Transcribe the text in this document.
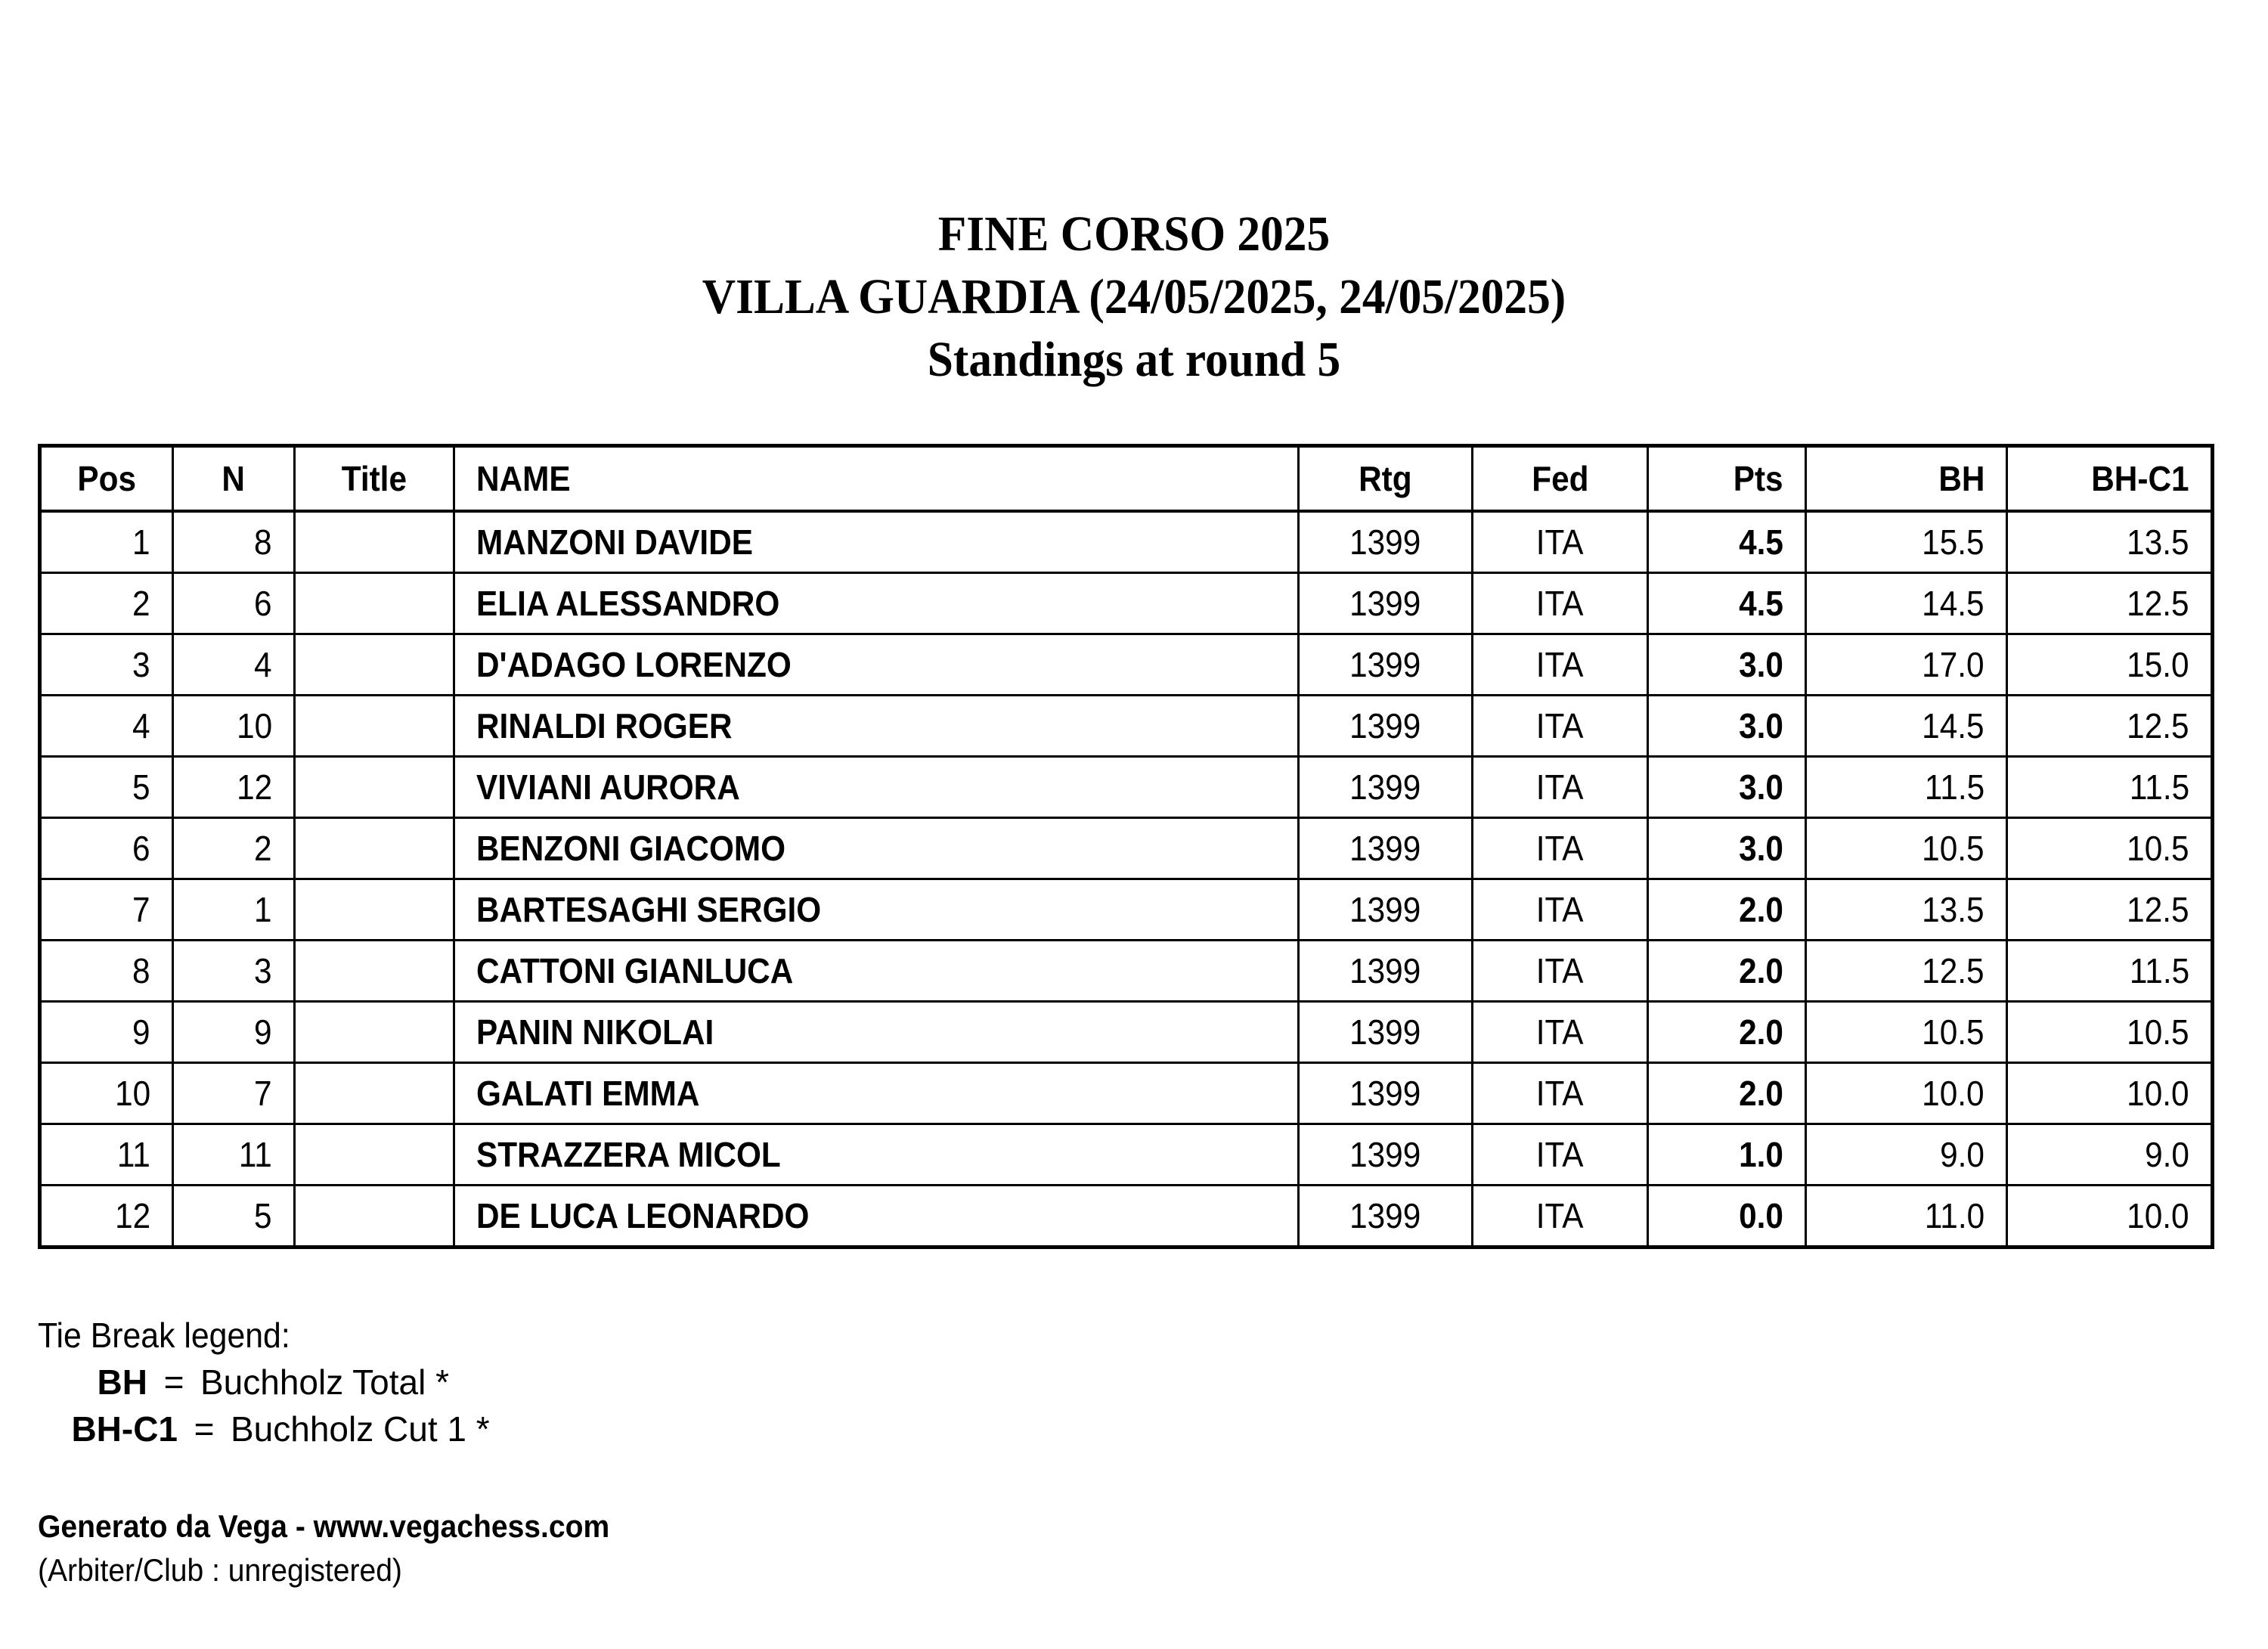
FINE CORSO 2025
VILLA GUARDIA (24/05/2025, 24/05/2025)
Standings at round 5
Pos	N	Title	NAME	Rtg	Fed	Pts	BH	BH-C1
1	8		MANZONI DAVIDE	1399	ITA	4.5	15.5	13.5
2	6		ELIA ALESSANDRO	1399	ITA	4.5	14.5	12.5
3	4		D'ADAGO LORENZO	1399	ITA	3.0	17.0	15.0
4	10		RINALDI ROGER	1399	ITA	3.0	14.5	12.5
5	12		VIVIANI AURORA	1399	ITA	3.0	11.5	11.5
6	2		BENZONI GIACOMO	1399	ITA	3.0	10.5	10.5
7	1		BARTESAGHI SERGIO	1399	ITA	2.0	13.5	12.5
8	3		CATTONI GIANLUCA	1399	ITA	2.0	12.5	11.5
9	9		PANIN NIKOLAI	1399	ITA	2.0	10.5	10.5
10	7		GALATI EMMA	1399	ITA	2.0	10.0	10.0
11	11		STRAZZERA MICOL	1399	ITA	1.0	9.0	9.0
12	5		DE LUCA LEONARDO	1399	ITA	0.0	11.0	10.0
Tie Break legend:
BH = Buchholz Total *
BH-C1 = Buchholz Cut 1 *
Generato da Vega - www.vegachess.com
(Arbiter/Club : unregistered)
